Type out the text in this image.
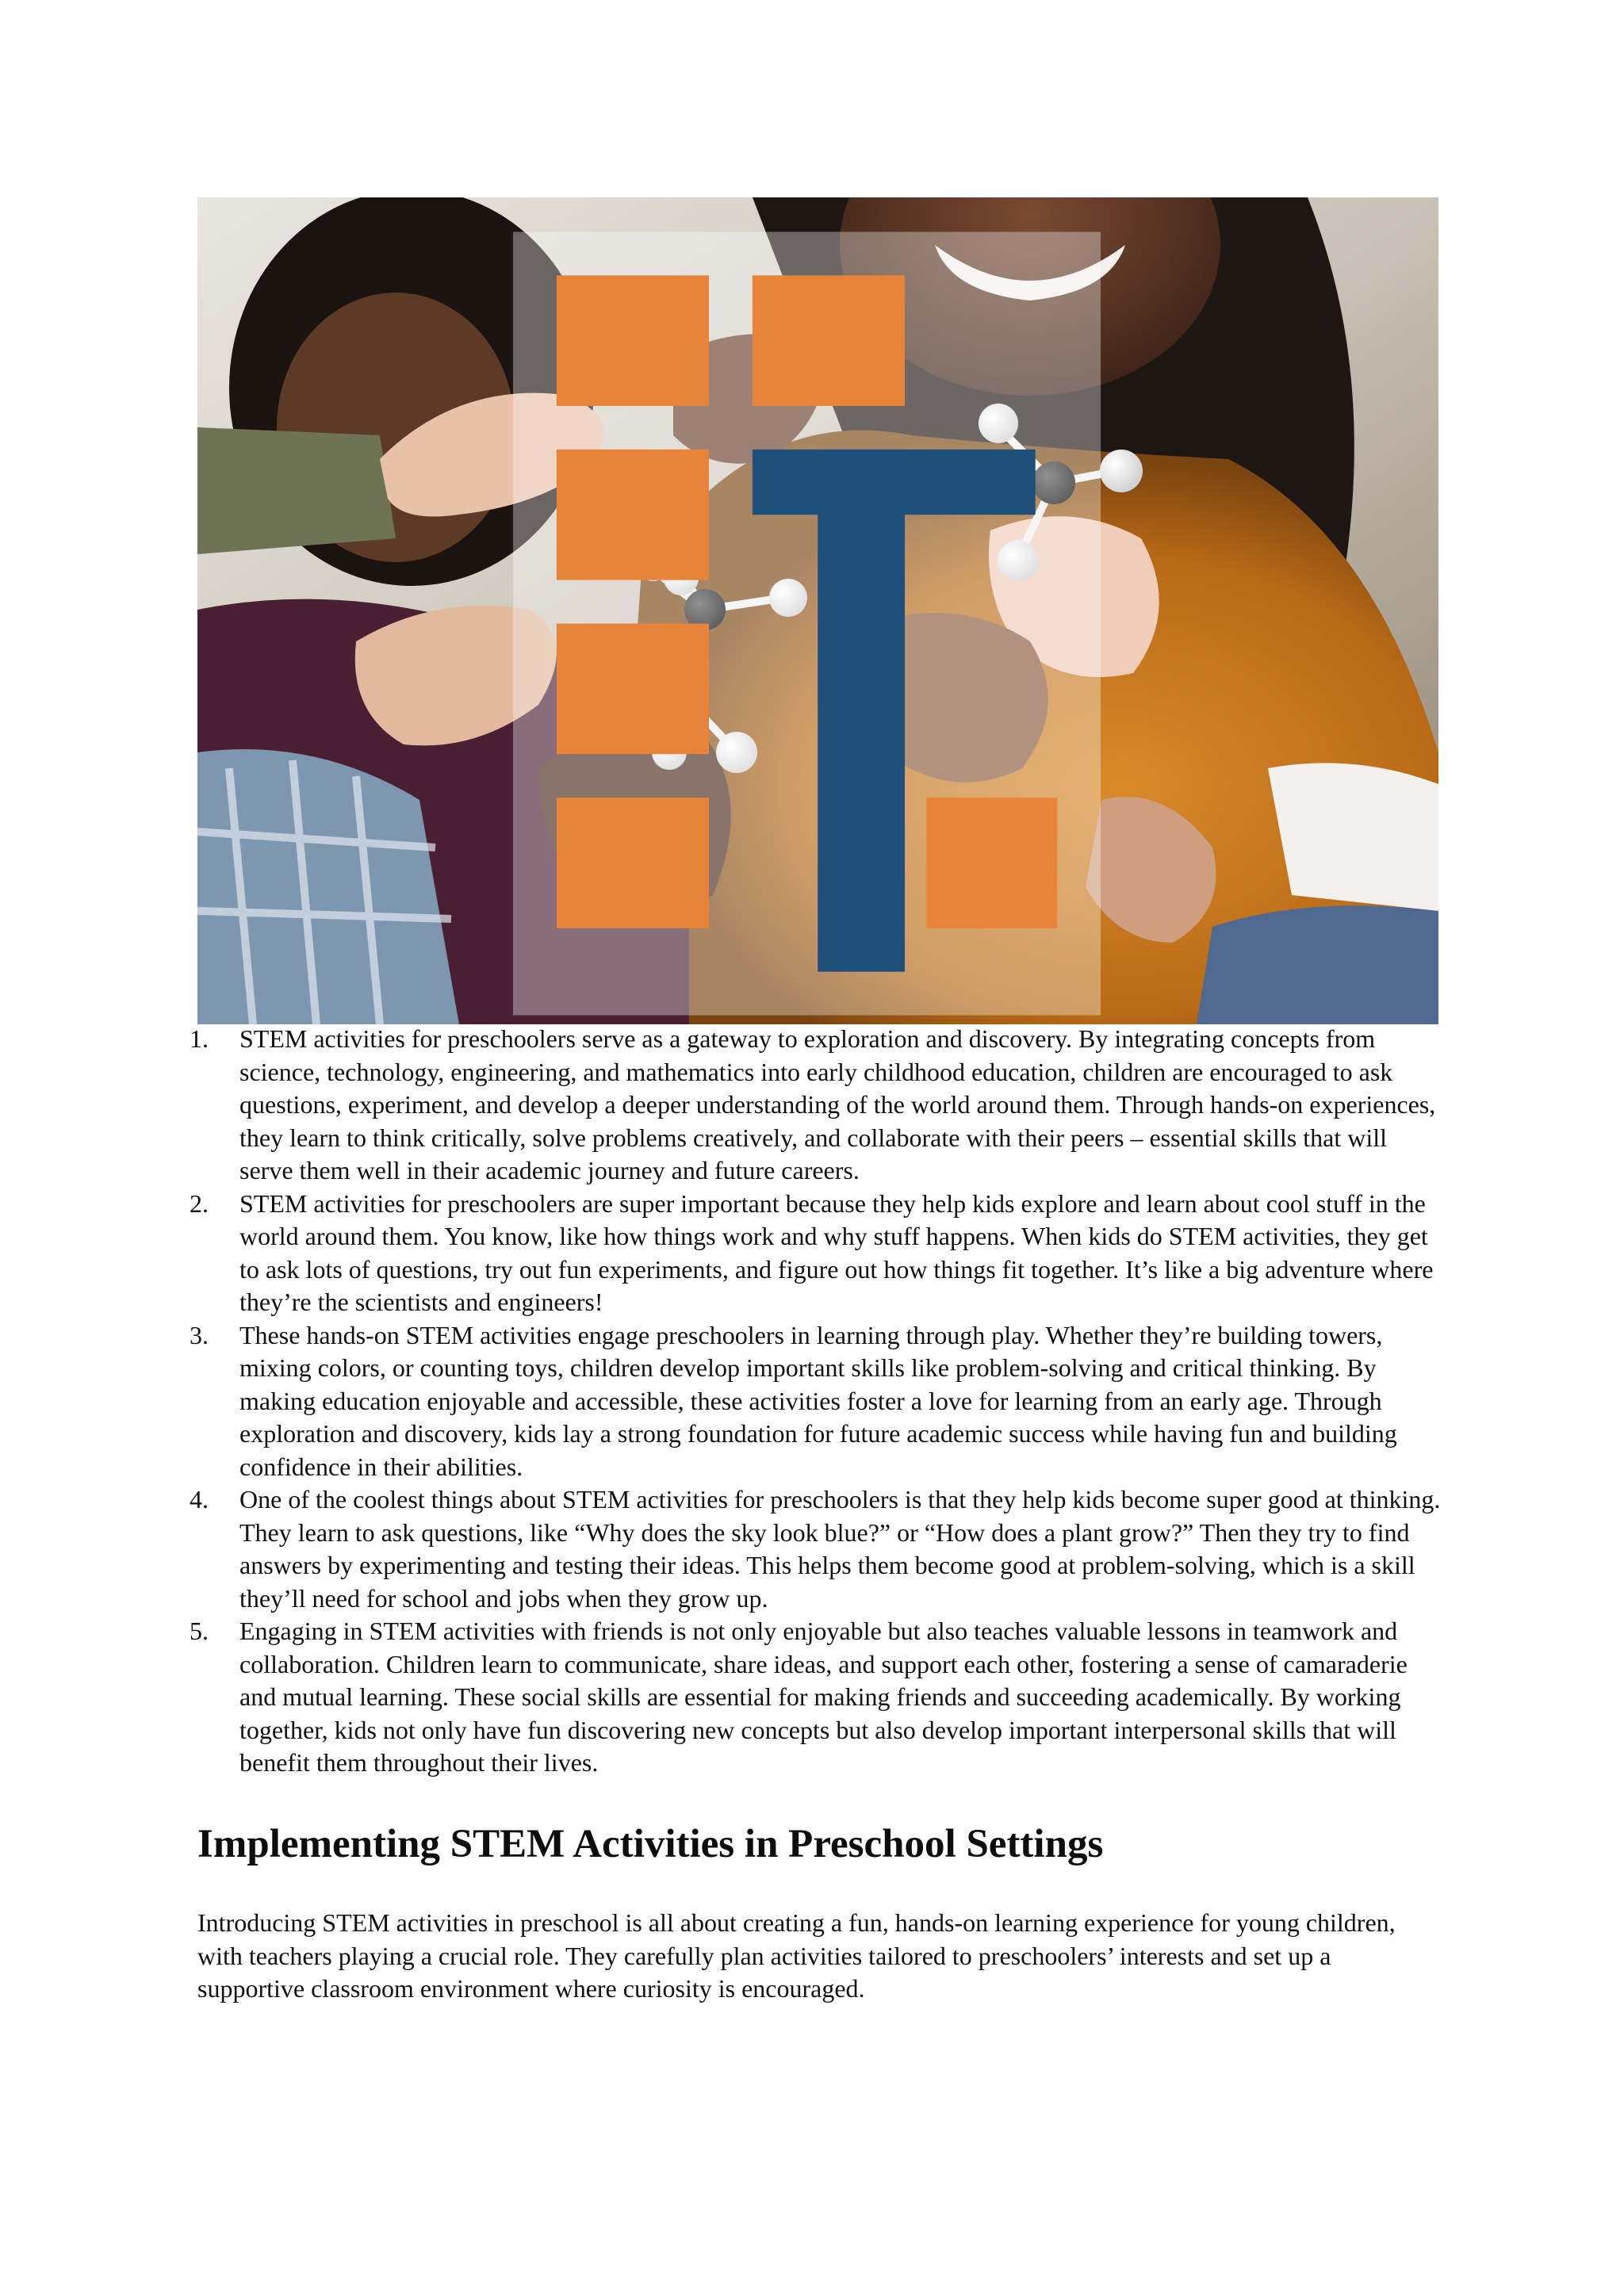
1.	STEM activities for preschoolers serve as a gateway to exploration and discovery. By integrating concepts from science, technology, engineering, and mathematics into early childhood education, children are encouraged to ask questions, experiment, and develop a deeper understanding of the world around them. Through hands-on experiences, they learn to think critically, solve problems creatively, and collaborate with their peers – essential skills that will serve them well in their academic journey and future careers.
2.	STEM activities for preschoolers are super important because they help kids explore and learn about cool stuff in the world around them. You know, like how things work and why stuff happens. When kids do STEM activities, they get to ask lots of questions, try out fun experiments, and figure out how things fit together. It’s like a big adventure where they’re the scientists and engineers!
3.	These hands-on STEM activities engage preschoolers in learning through play. Whether they’re building towers, mixing colors, or counting toys, children develop important skills like problem-solving and critical thinking. By making education enjoyable and accessible, these activities foster a love for learning from an early age. Through exploration and discovery, kids lay a strong foundation for future academic success while having fun and building confidence in their abilities.
4.	One of the coolest things about STEM activities for preschoolers is that they help kids become super good at thinking. They learn to ask questions, like “Why does the sky look blue?” or “How does a plant grow?” Then they try to find answers by experimenting and testing their ideas. This helps them become good at problem-solving, which is a skill they’ll need for school and jobs when they grow up.
5.	Engaging in STEM activities with friends is not only enjoyable but also teaches valuable lessons in teamwork and collaboration. Children learn to communicate, share ideas, and support each other, fostering a sense of camaraderie and mutual learning. These social skills are essential for making friends and succeeding academically. By working together, kids not only have fun discovering new concepts but also develop important interpersonal skills that will benefit them throughout their lives.
Implementing STEM Activities in Preschool Settings

Introducing STEM activities in preschool is all about creating a fun, hands-on learning experience for young children, with teachers playing a crucial role. They carefully plan activities tailored to preschoolers’ interests and set up a supportive classroom environment where curiosity is encouraged.
